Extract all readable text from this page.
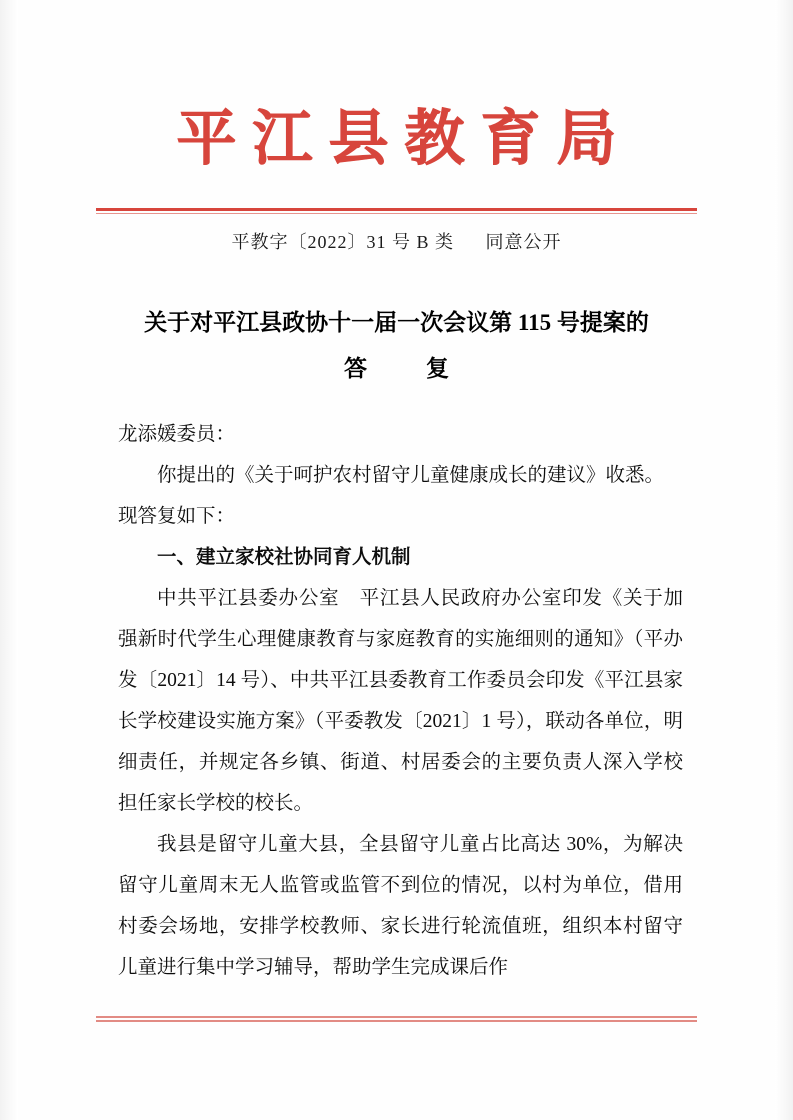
平江县教育局
平教字〔2022〕31 号 B 类 同意公开
关于对平江县政协十一届一次会议第 115 号提案的
答　复

龙添媛委员：

你提出的《关于呵护农村留守儿童健康成长的建议》收悉。

现答复如下：

一、建立家校社协同育人机制

中共平江县委办公室　平江县人民政府办公室印发《关于加强新时代学生心理健康教育与家庭教育的实施细则的通知》（平办发〔2021〕14 号）、中共平江县委教育工作委员会印发《平江县家长学校建设实施方案》（平委教发〔2021〕1 号），联动各单位，明细责任，并规定各乡镇、街道、村居委会的主要负责人深入学校担任家长学校的校长。

我县是留守儿童大县，全县留守儿童占比高达 30%，为解决留守儿童周末无人监管或监管不到位的情况，以村为单位，借用村委会场地，安排学校教师、家长进行轮流值班，组织本村留守儿童进行集中学习辅导，帮助学生完成课后作
